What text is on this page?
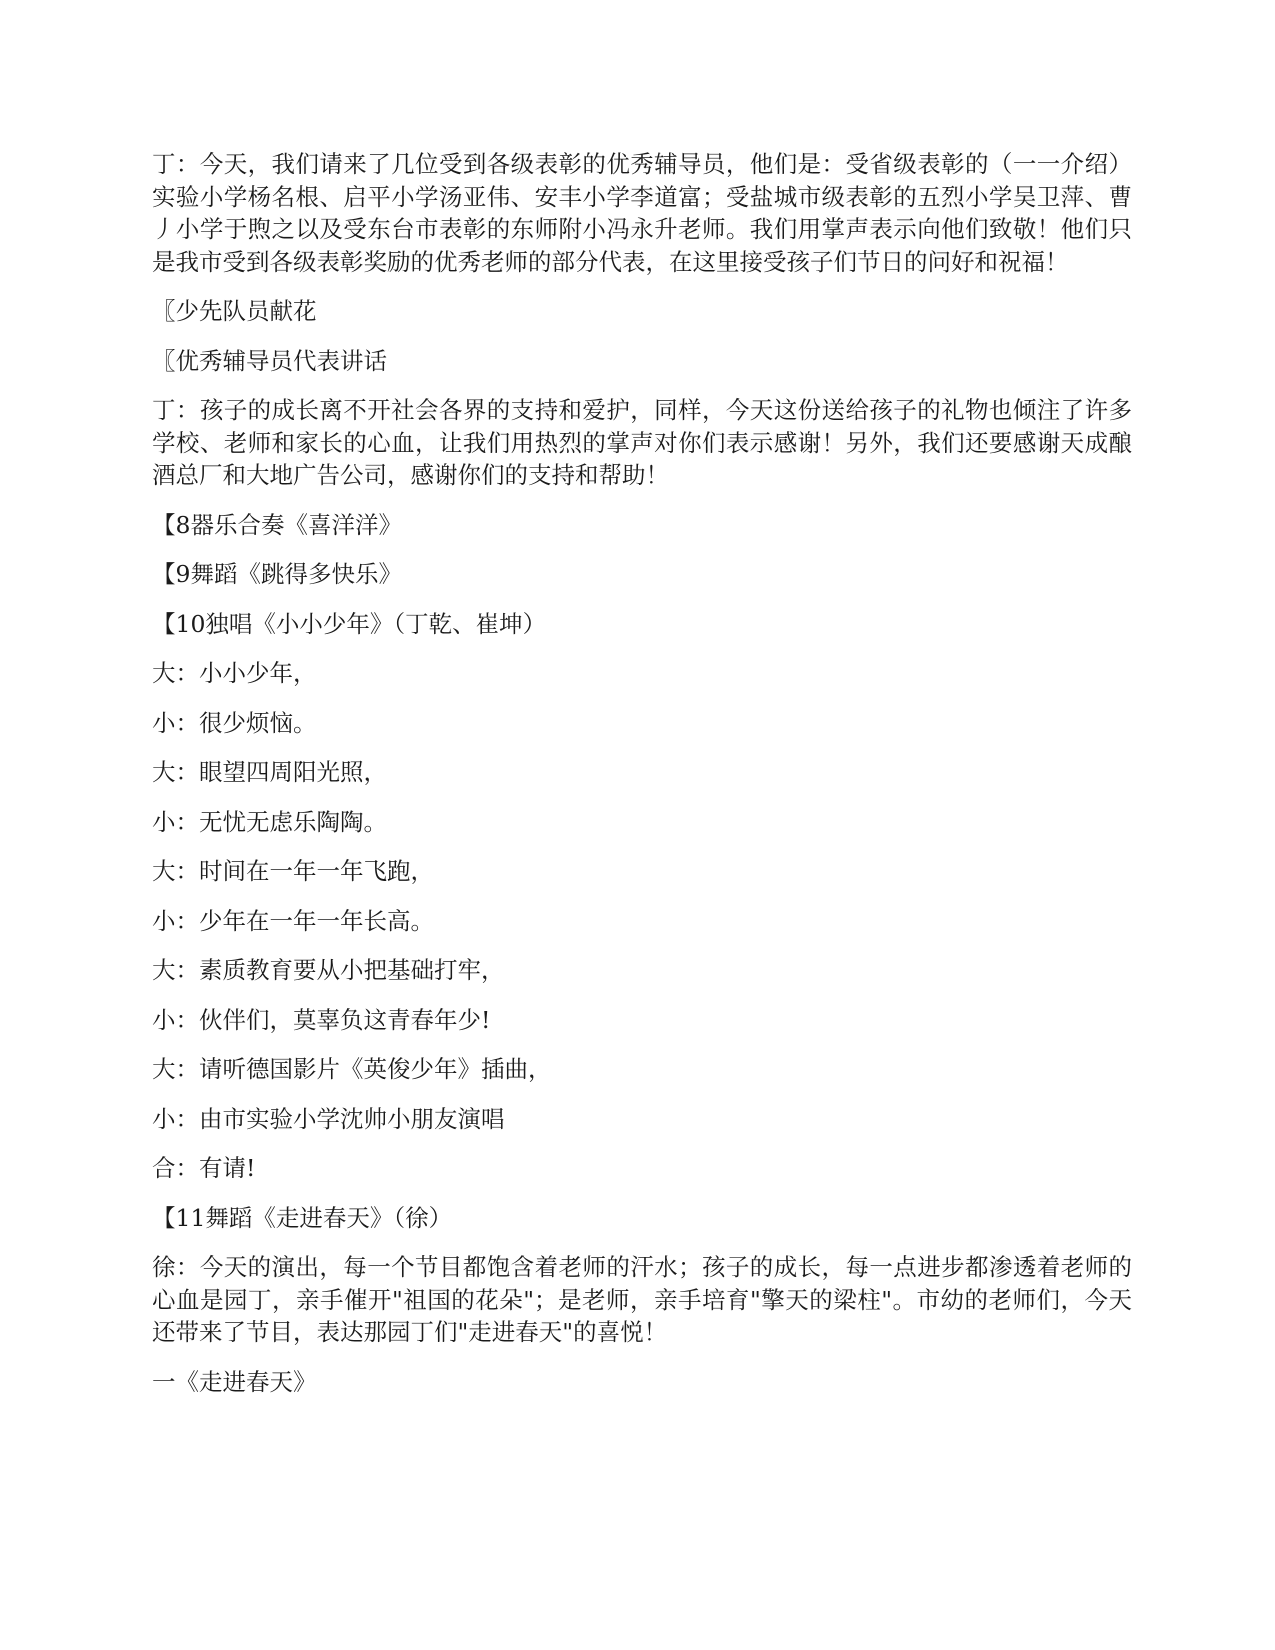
丁：今天，我们请来了几位受到各级表彰的优秀辅导员，他们是：受省级表彰的（一一介绍）实验小学杨名根、启平小学汤亚伟、安丰小学李道富；受盐城市级表彰的五烈小学吴卫萍、曹丿小学于煦之以及受东台市表彰的东师附小冯永升老师。我们用掌声表示向他们致敬！他们只是我市受到各级表彰奖励的优秀老师的部分代表，在这里接受孩子们节日的问好和祝福！

〖少先队员献花

〖优秀辅导员代表讲话

丁：孩子的成长离不开社会各界的支持和爱护，同样，今天这份送给孩子的礼物也倾注了许多学校、老师和家长的心血，让我们用热烈的掌声对你们表示感谢！另外，我们还要感谢天成酿酒总厂和大地广告公司，感谢你们的支持和帮助！

【8器乐合奏《喜洋洋》

【9舞蹈《跳得多快乐》

【10独唱《小小少年》（丁乾、崔坤）

大：小小少年，

小：很少烦恼。

大：眼望四周阳光照，

小：无忧无虑乐陶陶。

大：时间在一年一年飞跑，

小：少年在一年一年长高。

大：素质教育要从小把基础打牢，

小：伙伴们，莫辜负这青春年少!

大：请听德国影片《英俊少年》插曲，

小：由市实验小学沈帅小朋友演唱

合：有请!

【11舞蹈《走进春天》（徐）

徐：今天的演出，每一个节目都饱含着老师的汗水；孩子的成长，每一点进步都渗透着老师的心血是园丁，亲手催开"祖国的花朵"；是老师，亲手培育"擎天的梁柱"。市幼的老师们，今天还带来了节目，表达那园丁们"走进春天"的喜悦！

一《走进春天》
